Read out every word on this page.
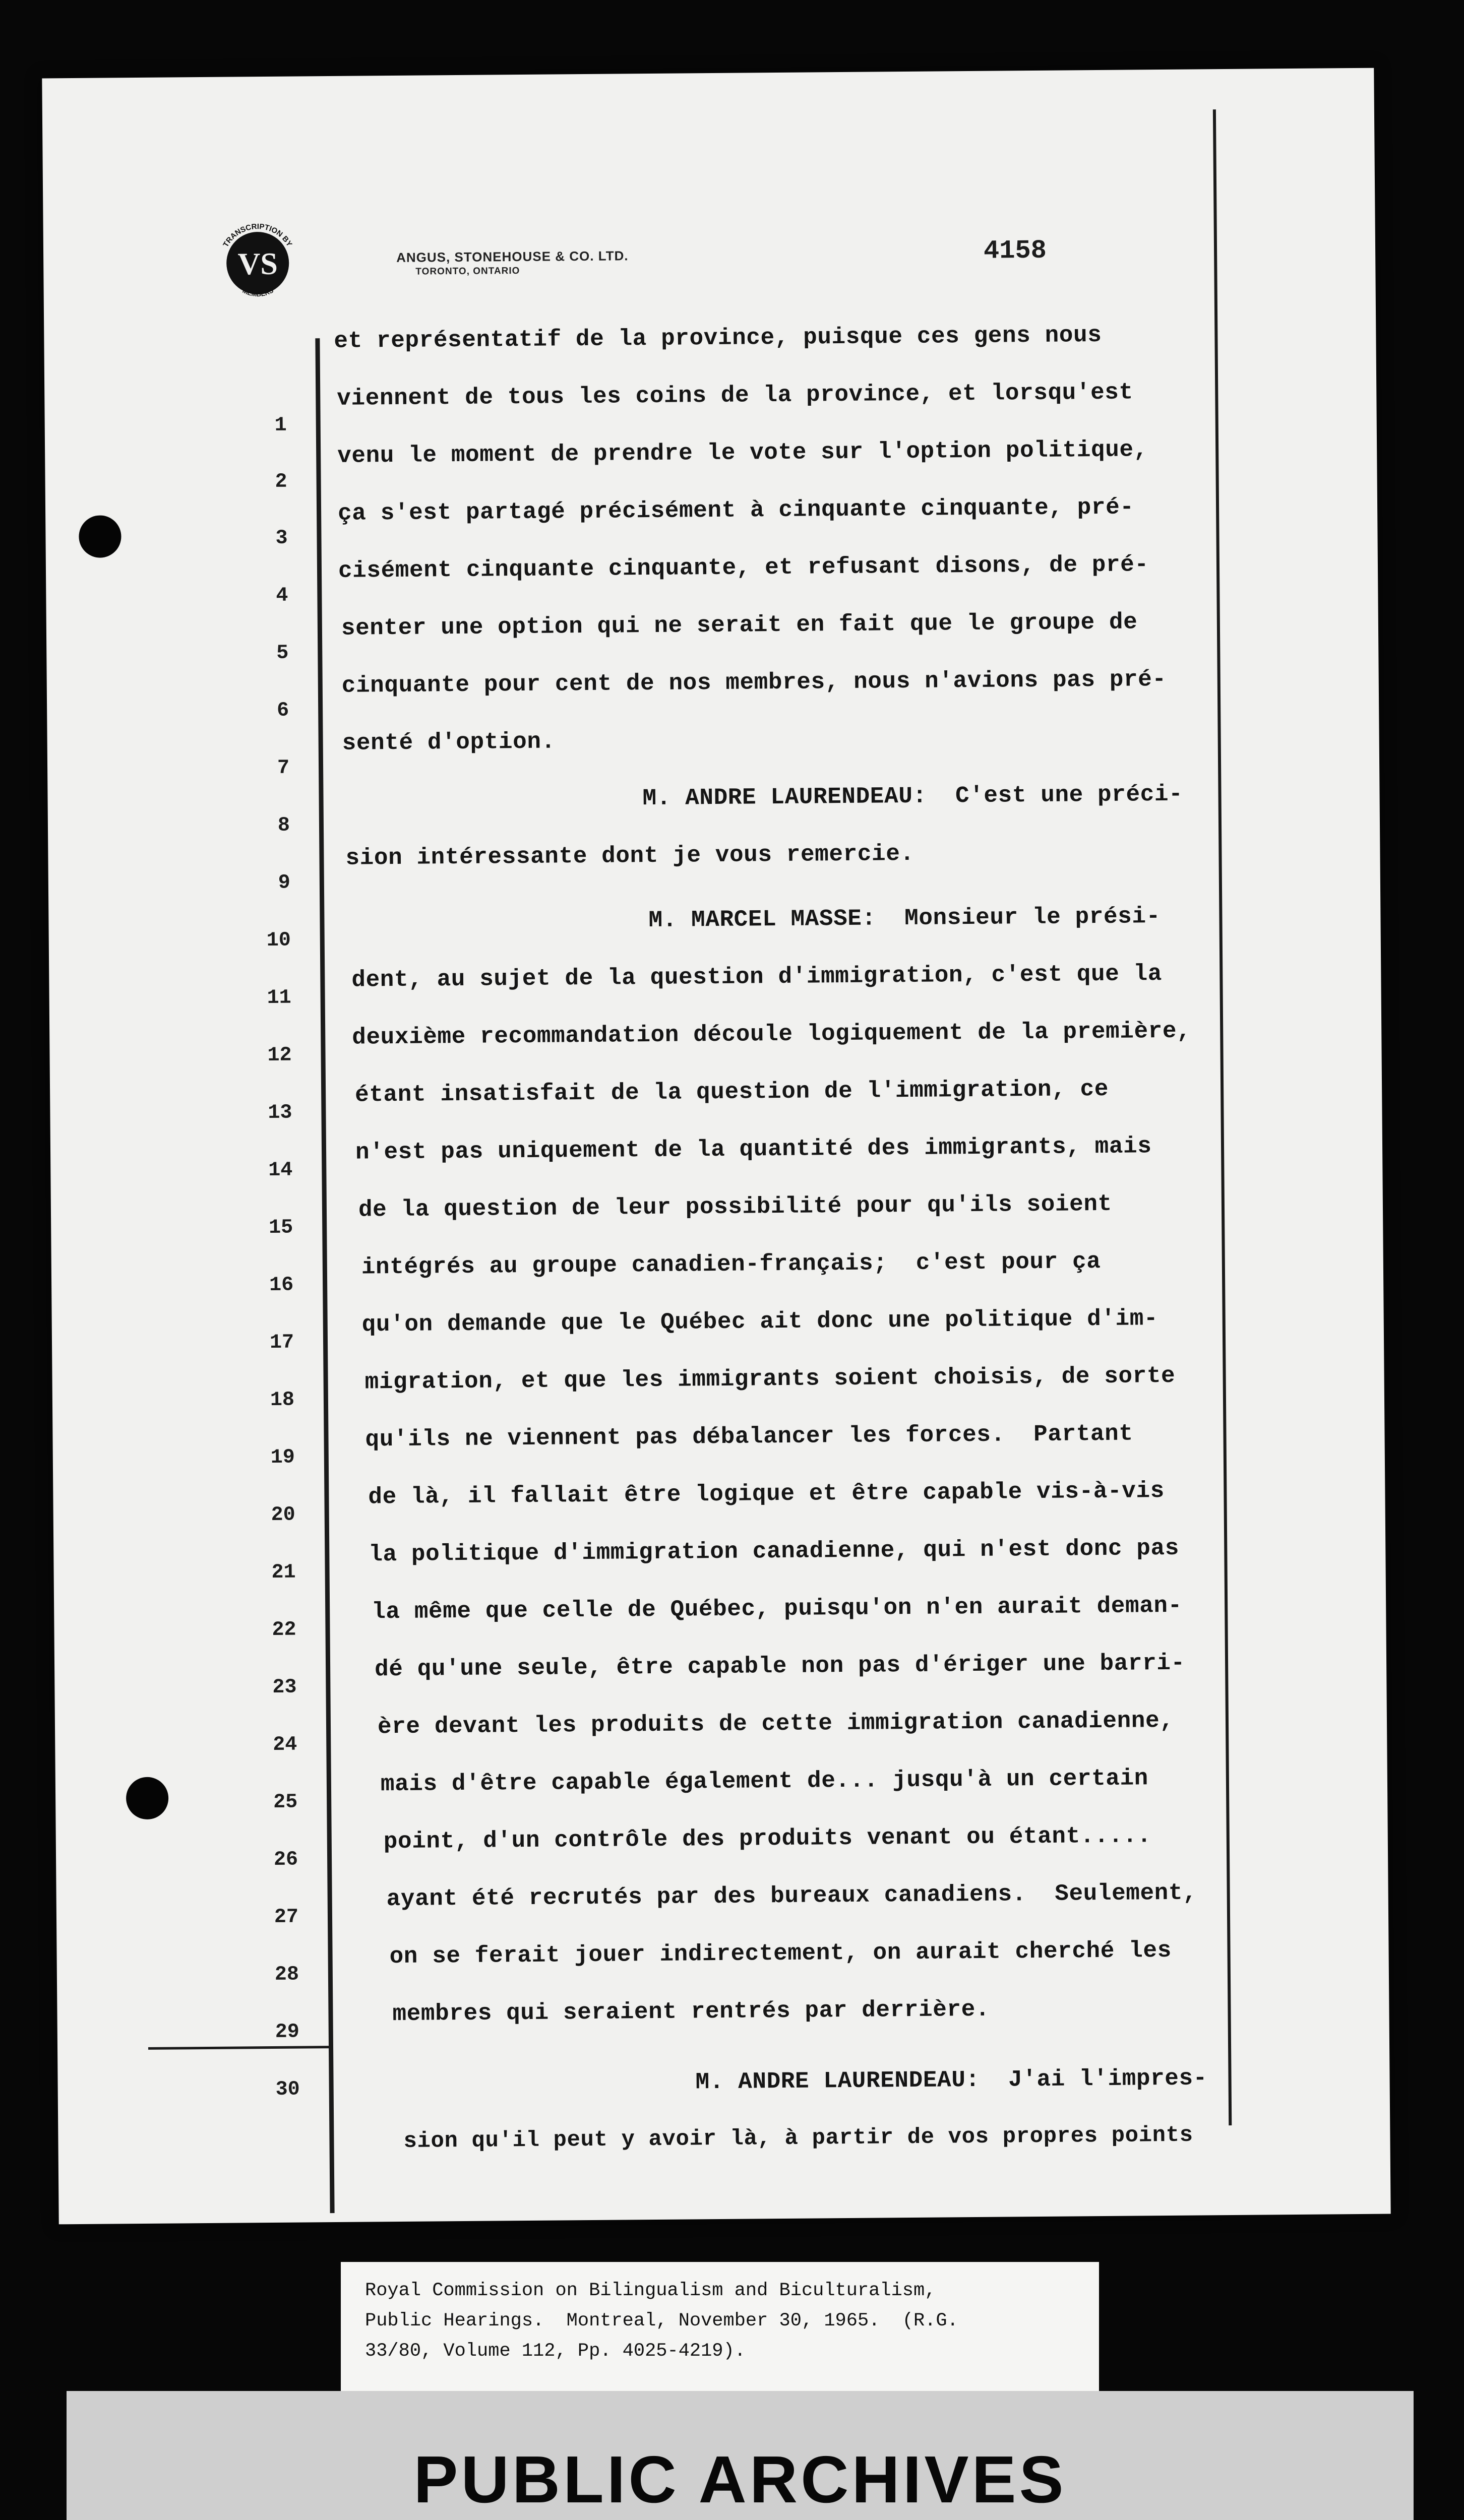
TRANSCRIPTION BY
MEMBERS
VS	ANGUS, STONEHOUSE & CO. LTD.
TORONTO, ONTARIO
4158
1
2
3
4
5
6
7
8
9
10
11
12
13
14
15
16
17
18
19
20
21
22
23
24
25
26
27
28
29
30
et représentatif de la province, puisque ces gens nous
viennent de tous les coins de la province, et lorsqu'est
venu le moment de prendre le vote sur l'option politique,
ça s'est partagé précisément à cinquante cinquante, pré-
cisément cinquante cinquante, et refusant disons, de pré-
senter une option qui ne serait en fait que le groupe de
cinquante pour cent de nos membres, nous n'avions pas pré-
senté d'option.
M. ANDRE LAURENDEAU:  C'est une préci-
sion intéressante dont je vous remercie.
M. MARCEL MASSE:  Monsieur le prési-
dent, au sujet de la question d'immigration, c'est que la
deuxième recommandation découle logiquement de la première,
étant insatisfait de la question de l'immigration, ce
n'est pas uniquement de la quantité des immigrants, mais
de la question de leur possibilité pour qu'ils soient
intégrés au groupe canadien-français;  c'est pour ça
qu'on demande que le Québec ait donc une politique d'im-
migration, et que les immigrants soient choisis, de sorte
qu'ils ne viennent pas débalancer les forces.  Partant
de là, il fallait être logique et être capable vis-à-vis
la politique d'immigration canadienne, qui n'est donc pas
la même que celle de Québec, puisqu'on n'en aurait deman-
dé qu'une seule, être capable non pas d'ériger une barri-
ère devant les produits de cette immigration canadienne,
mais d'être capable également de... jusqu'à un certain
point, d'un contrôle des produits venant ou étant.....
ayant été recrutés par des bureaux canadiens.  Seulement,
on se ferait jouer indirectement, on aurait cherché les
membres qui seraient rentrés par derrière.
M. ANDRE LAURENDEAU:  J'ai l'impres-
sion qu'il peut y avoir là, à partir de vos propres points
Royal Commission on Bilingualism and Biculturalism,
Public Hearings.  Montreal, November 30, 1965.  (R.G.
33/80, Volume 112, Pp. 4025-4219).
PUBLIC ARCHIVES
